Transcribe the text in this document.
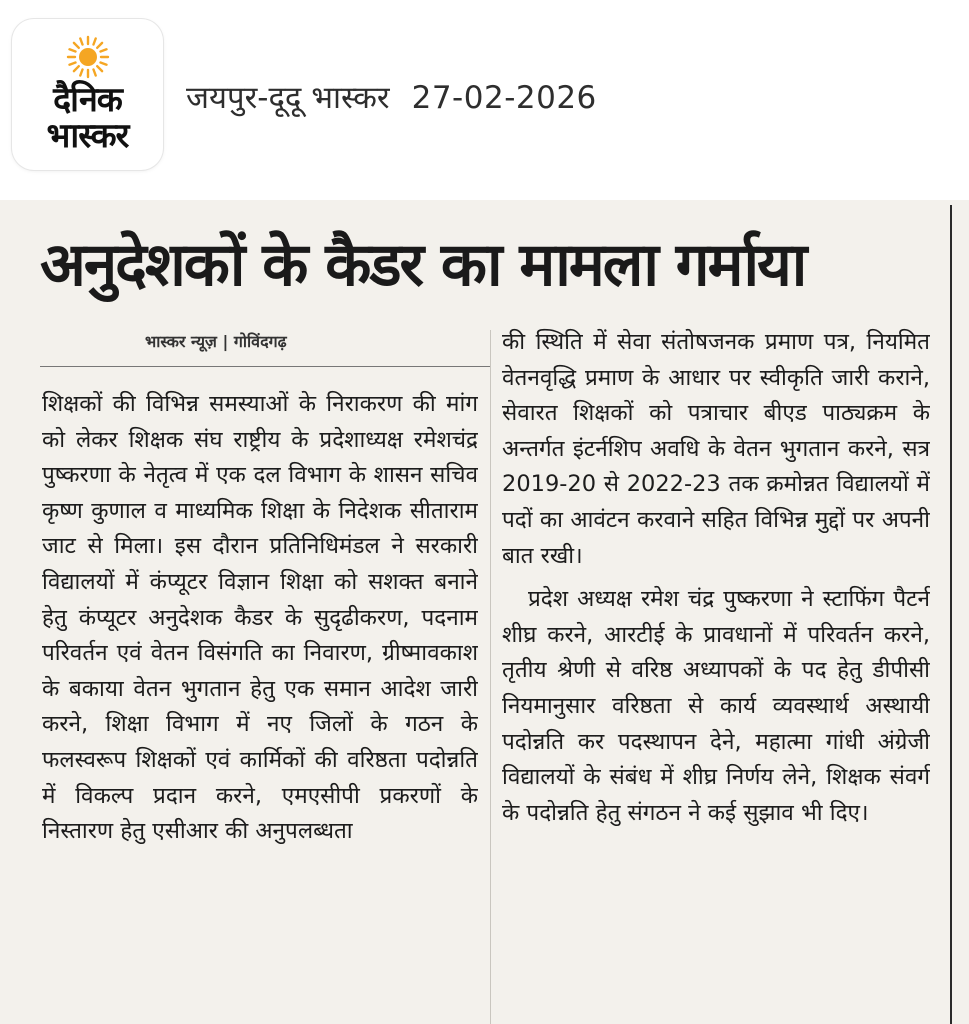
दैनिक
भास्कर
जयपुर-दूदू भास्कर 27-02-2026
अनुदेशकों के कैडर का मामला गर्माया
भास्कर न्यूज़ | गोविंदगढ़

शिक्षकों की विभिन्न समस्याओं के निराकरण की मांग को लेकर शिक्षक संघ राष्ट्रीय के प्रदेशाध्यक्ष रमेशचंद्र पुष्करणा के नेतृत्व में एक दल विभाग के शासन सचिव कृष्ण कुणाल व माध्यमिक शिक्षा के निदेशक सीताराम जाट से मिला। इस दौरान प्रतिनिधिमंडल ने सरकारी विद्यालयों में कंप्यूटर विज्ञान शिक्षा को सशक्त बनाने हेतु कंप्यूटर अनुदेशक कैडर के सुदृढीकरण, पदनाम परिवर्तन एवं वेतन विसंगति का निवारण, ग्रीष्मावकाश के बकाया वेतन भुगतान हेतु एक समान आदेश जारी करने, शिक्षा विभाग में नए जिलों के गठन के फलस्वरूप शिक्षकों एवं कार्मिकों की वरिष्ठता पदोन्नति में विकल्प प्रदान करने, एमएसीपी प्रकरणों के निस्तारण हेतु एसीआर की अनुपलब्धता

की स्थिति में सेवा संतोषजनक प्रमाण पत्र, नियमित वेतनवृद्धि प्रमाण के आधार पर स्वीकृति जारी कराने, सेवारत शिक्षकों को पत्राचार बीएड पाठ्यक्रम के अन्तर्गत इंटर्नशिप अवधि के वेतन भुगतान करने, सत्र 2019-20 से 2022-23 तक क्रमोन्नत विद्यालयों में पदों का आवंटन करवाने सहित विभिन्न मुद्दों पर अपनी बात रखी।

प्रदेश अध्यक्ष रमेश चंद्र पुष्करणा ने स्टाफिंग पैटर्न शीघ्र करने, आरटीई के प्रावधानों में परिवर्तन करने, तृतीय श्रेणी से वरिष्ठ अध्यापकों के पद हेतु डीपीसी नियमानुसार वरिष्ठता से कार्य व्यवस्थार्थ अस्थायी पदोन्नति कर पदस्थापन देने, महात्मा गांधी अंग्रेजी विद्यालयों के संबंध में शीघ्र निर्णय लेने, शिक्षक संवर्ग के पदोन्नति हेतु संगठन ने कई सुझाव भी दिए।
